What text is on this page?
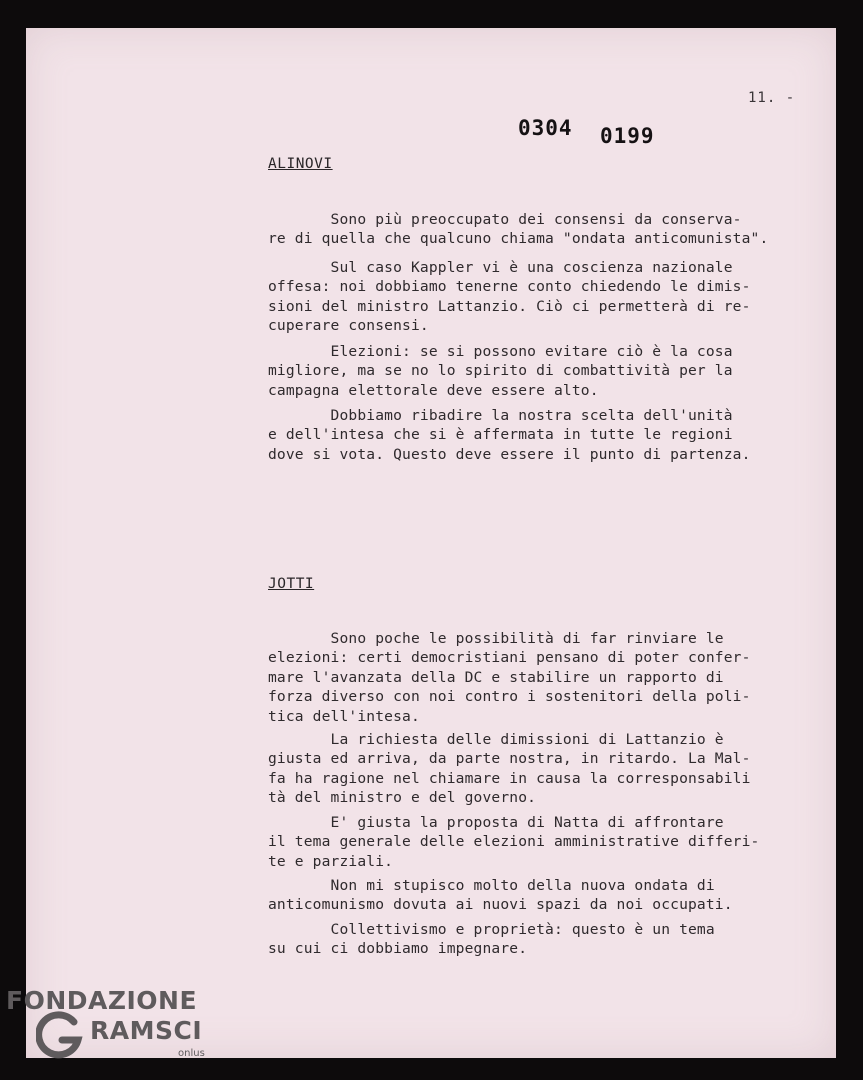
11. -
0304 0199
ALINOVI

Sono più preoccupato dei consensi da conserva-
re di quella che qualcuno chiama "ondata anticomunista".

Sul caso Kappler vi è una coscienza nazionale
offesa: noi dobbiamo tenerne conto chiedendo le dimis-
sioni del ministro Lattanzio. Ciò ci permetterà di re-
cuperare consensi.

Elezioni: se si possono evitare ciò è la cosa
migliore, ma se no lo spirito di combattività per la
campagna elettorale deve essere alto.

Dobbiamo ribadire la nostra scelta dell'unità
e dell'intesa che si è affermata in tutte le regioni
dove si vota. Questo deve essere il punto di partenza.

JOTTI

Sono poche le possibilità di far rinviare le
elezioni: certi democristiani pensano di poter confer-
mare l'avanzata della DC e stabilire un rapporto di
forza diverso con noi contro i sostenitori della poli-
tica dell'intesa.

La richiesta delle dimissioni di Lattanzio è
giusta ed arriva, da parte nostra, in ritardo. La Mal-
fa ha ragione nel chiamare in causa la corresponsabili
tà del ministro e del governo.

E' giusta la proposta di Natta di affrontare
il tema generale delle elezioni amministrative differi-
te e parziali.

Non mi stupisco molto della nuova ondata di
anticomunismo dovuta ai nuovi spazi da noi occupati.

Collettivismo e proprietà: questo è un tema
su cui ci dobbiamo impegnare.

FONDAZIONE
RAMSCI
onlus
